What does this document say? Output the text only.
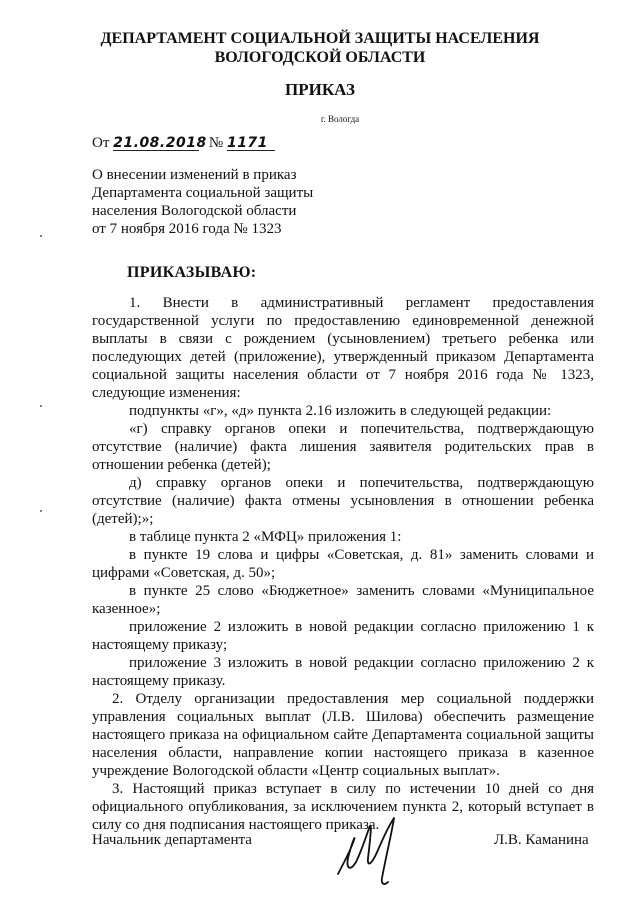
ДЕПАРТАМЕНТ СОЦИАЛЬНОЙ ЗАЩИТЫ НАСЕЛЕНИЯ
ВОЛОГОДСКОЙ ОБЛАСТИ
ПРИКАЗ
г. Вологда
От 21.08.2018 № 1171
О внесении изменений в приказ
Департамента социальной защиты
населения Вологодской области
от 7 ноября 2016 года № 1323
ПРИКАЗЫВАЮ:

1. Внести в административный регламент предоставления

государственной услуги по предоставлению единовременной денежной

выплаты в связи с рождением (усыновлением) третьего ребенка или

последующих детей (приложение), утвержденный приказом Департамента

социальной защиты населения области от 7 ноября 2016 года № 1323,

следующие изменения:

подпункты «г», «д» пункта 2.16 изложить в следующей редакции:

«г) справку органов опеки и попечительства, подтверждающую

отсутствие (наличие) факта лишения заявителя родительских прав в

отношении ребенка (детей);

д) справку органов опеки и попечительства, подтверждающую

отсутствие (наличие) факта отмены усыновления в отношении ребенка

(детей);»;

в таблице пункта 2 «МФЦ» приложения 1:

в пункте 19 слова и цифры «Советская, д. 81» заменить словами и

цифрами «Советская, д. 50»;

в пункте 25 слово «Бюджетное» заменить словами «Муниципальное

казенное»;

приложение 2 изложить в новой редакции согласно приложению 1 к

настоящему приказу;

приложение 3 изложить в новой редакции согласно приложению 2 к

настоящему приказу.

2. Отделу организации предоставления мер социальной поддержки

управления социальных выплат (Л.В. Шилова) обеспечить размещение

настоящего приказа на официальном сайте Департамента социальной защиты

населения области, направление копии настоящего приказа в казенное

учреждение Вологодской области «Центр социальных выплат».

3. Настоящий приказ вступает в силу по истечении 10 дней со дня

официального опубликования, за исключением пункта 2, который вступает в

силу со дня подписания настоящего приказа.

Начальник департамента	Л.В. Каманина
